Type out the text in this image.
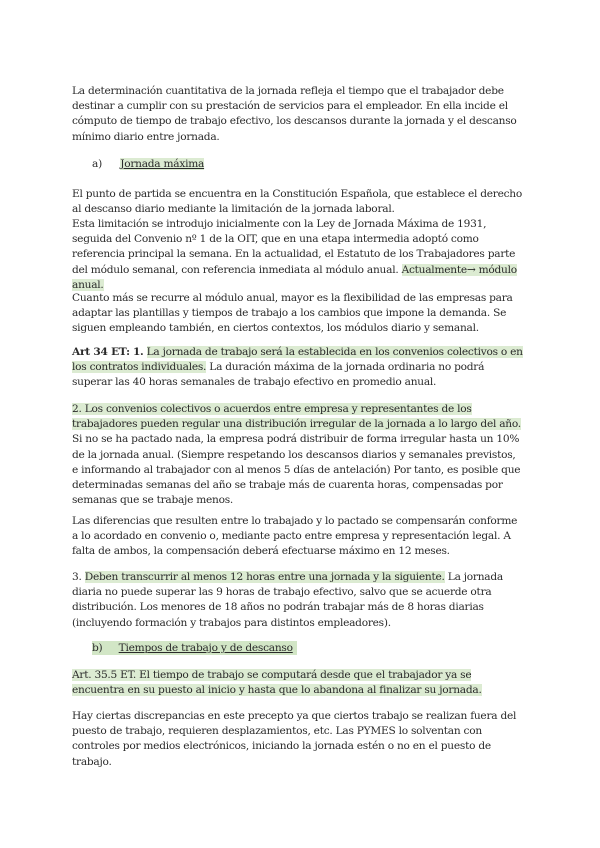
La determinación cuantitativa de la jornada refleja el tiempo que el trabajador debe destinar a cumplir con su prestación de servicios para el empleador. En ella incide el cómputo de tiempo de trabajo efectivo, los descansos durante la jornada y el descanso mínimo diario entre jornada.

a) Jornada máxima

El punto de partida se encuentra en la Constitución Española, que establece el derecho al descanso diario mediante la limitación de la jornada laboral.

Esta limitación se introdujo inicialmente con la Ley de Jornada Máxima de 1931, seguida del Convenio nº 1 de la OIT, que en una etapa intermedia adoptó como referencia principal la semana. En la actualidad, el Estatuto de los Trabajadores parte del módulo semanal, con referencia inmediata al módulo anual. Actualmente→ módulo anual.

Cuanto más se recurre al módulo anual, mayor es la flexibilidad de las empresas para adaptar las plantillas y tiempos de trabajo a los cambios que impone la demanda. Se siguen empleando también, en ciertos contextos, los módulos diario y semanal.

Art 34 ET: 1. La jornada de trabajo será la establecida en los convenios colectivos o en los contratos individuales. La duración máxima de la jornada ordinaria no podrá superar las 40 horas semanales de trabajo efectivo en promedio anual.

2. Los convenios colectivos o acuerdos entre empresa y representantes de los trabajadores pueden regular una distribución irregular de la jornada a lo largo del año. Si no se ha pactado nada, la empresa podrá distribuir de forma irregular hasta un 10% de la jornada anual. (Siempre respetando los descansos diarios y semanales previstos, e informando al trabajador con al menos 5 días de antelación) Por tanto, es posible que determinadas semanas del año se trabaje más de cuarenta horas, compensadas por semanas que se trabaje menos.

Las diferencias que resulten entre lo trabajado y lo pactado se compensarán conforme a lo acordado en convenio o, mediante pacto entre empresa y representación legal. A falta de ambos, la compensación deberá efectuarse máximo en 12 meses.

3. Deben transcurrir al menos 12 horas entre una jornada y la siguiente. La jornada diaria no puede superar las 9 horas de trabajo efectivo, salvo que se acuerde otra distribución. Los menores de 18 años no podrán trabajar más de 8 horas diarias (incluyendo formación y trabajos para distintos empleadores).

b) Tiempos de trabajo y de descanso

Art. 35.5 ET. El tiempo de trabajo se computará desde que el trabajador ya se encuentra en su puesto al inicio y hasta que lo abandona al finalizar su jornada.

Hay ciertas discrepancias en este precepto ya que ciertos trabajo se realizan fuera del puesto de trabajo, requieren desplazamientos, etc. Las PYMES lo solventan con controles por medios electrónicos, iniciando la jornada estén o no en el puesto de trabajo.
